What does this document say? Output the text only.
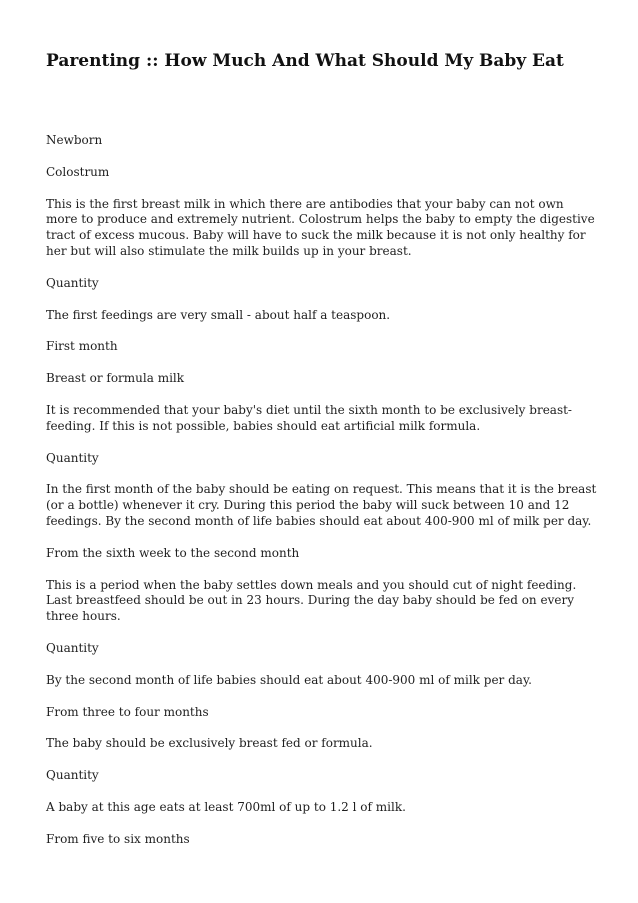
Parenting :: How Much And What Should My Baby Eat

Newborn

Colostrum

This is the first breast milk in which there are antibodies that your baby can not own more to produce and extremely nutrient. Colostrum helps the baby to empty the digestive tract of excess mucous. Baby will have to suck the milk because it is not only healthy for her but will also stimulate the milk builds up in your breast.

Quantity

The first feedings are very small - about half a teaspoon.

First month

Breast or formula milk

It is recommended that your baby's diet until the sixth month to be exclusively breast-feeding. If this is not possible, babies should eat artificial milk formula.

Quantity

In the first month of the baby should be eating on request. This means that it is the breast (or a bottle) whenever it cry. During this period the baby will suck between 10 and 12 feedings. By the second month of life babies should eat about 400-900 ml of milk per day.

From the sixth week to the second month

This is a period when the baby settles down meals and you should cut of night feeding. Last breastfeed should be out in 23 hours. During the day baby should be fed on every three hours.

Quantity

By the second month of life babies should eat about 400-900 ml of milk per day.

From three to four months

The baby should be exclusively breast fed or formula.

Quantity

A baby at this age eats at least 700ml of up to 1.2 l of milk.

From five to six months
